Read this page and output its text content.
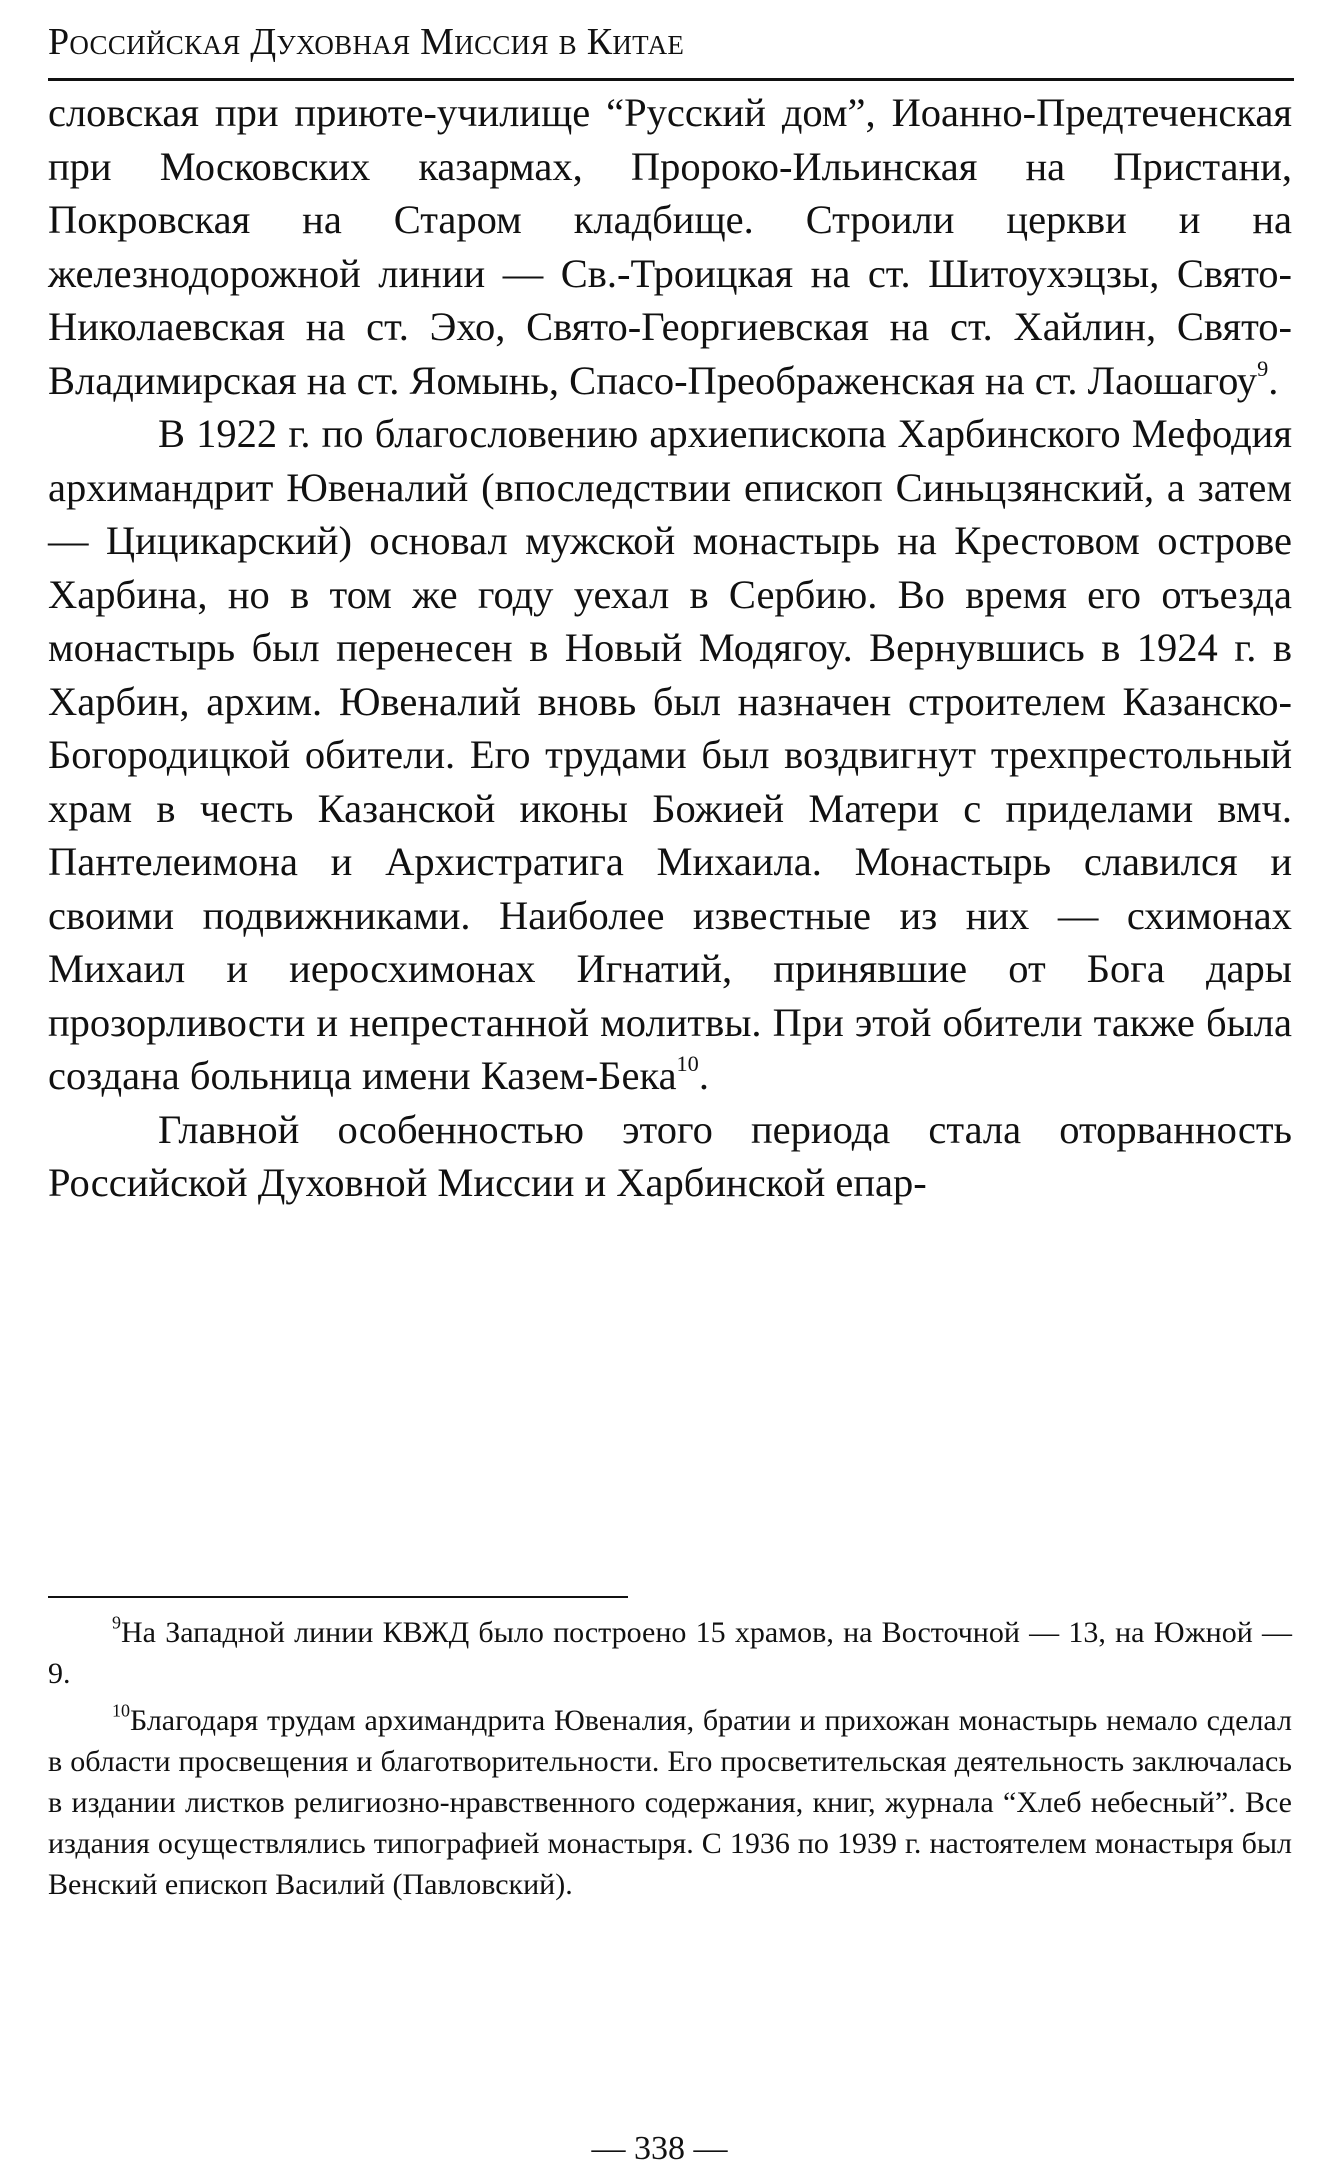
Российская Духовная Миссия в Китае

словская при приюте-училище “Русский дом”, Иоанно-Предтеченская при Московских казармах, Пророко-Ильинская на Пристани, Покровская на Старом кладбище. Строили церкви и на железнодорожной линии — Св.-Троицкая на ст. Шитоухэцзы, Свято-Николаевская на ст. Эхо, Свято-Георгиевская на ст. Хайлин, Свято-Владимирская на ст. Яомынь, Спасо-Преображенская на ст. Лаошагоу$^9$.

В 1922 г. по благословению архиепископа Харбинского Мефодия архимандрит Ювеналий (впоследствии епископ Синьцзянский, а затем — Цицикарский) основал мужской монастырь на Крестовом острове Харбина, но в том же году уехал в Сербию. Во время его отъезда монастырь был перенесен в Новый Модягоу. Вернувшись в 1924 г. в Харбин, архим. Ювеналий вновь был назначен строителем Казанско-Богородицкой обители. Его трудами был воздвигнут трехпрестольный храм в честь Казанской иконы Божией Матери с приделами вмч. Пантелеимона и Архистратига Михаила. Монастырь славился и своими подвижниками. Наиболее известные из них — схимонах Михаил и иеросхимонах Игнатий, принявшие от Бога дары прозорливости и непрестанной молитвы. При этой обители также была создана больница имени Казем-Бека$^{10}$.

Главной особенностью этого периода стала оторванность Российской Духовной Миссии и Харбинской епар-

$^9$На Западной линии КВЖД было построено 15 храмов, на Восточной — 13, на Южной — 9.

$^{10}$Благодаря трудам архимандрита Ювеналия, братии и прихожан монастырь немало сделал в области просвещения и благотворительности. Его просветительская деятельность заключалась в издании листков религиозно-нравственного содержания, книг, журнала “Хлеб небесный”. Все издания осуществлялись типографией монастыря. С 1936 по 1939 г. настоятелем монастыря был Венский епископ Василий (Павловский).

— 338 —
